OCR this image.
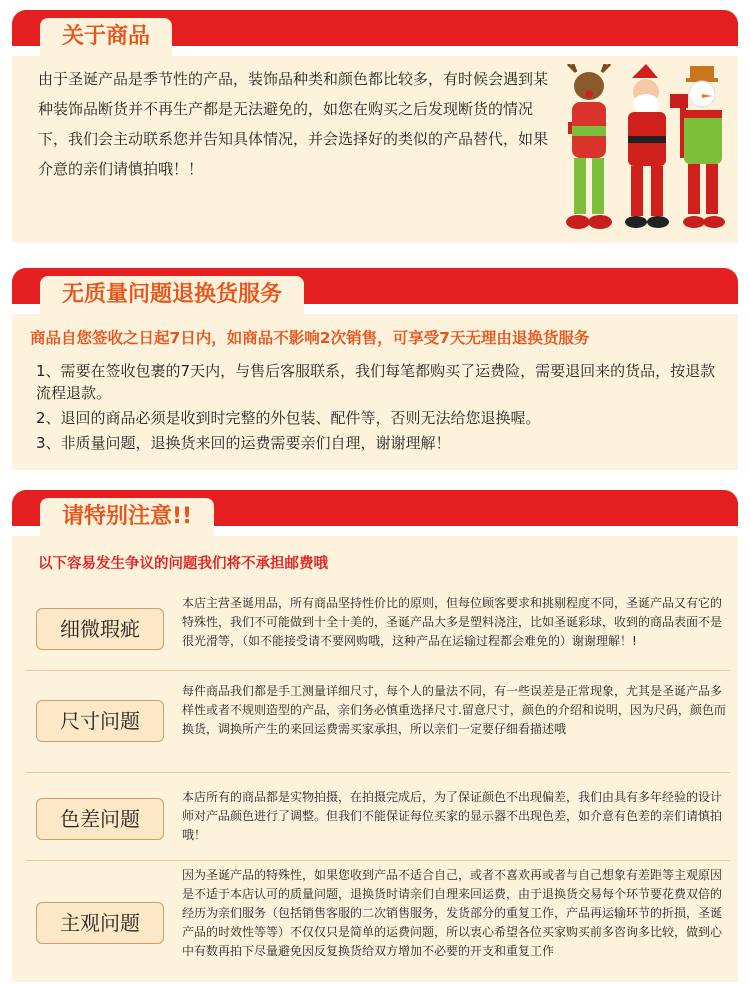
关于商品
由于圣诞产品是季节性的产品，装饰品种类和颜色都比较多，有时候会遇到某种装饰品断货并不再生产都是无法避免的，如您在购买之后发现断货的情况下，我们会主动联系您并告知具体情况，并会选择好的类似的产品替代，如果介意的亲们请慎拍哦！！
无质量问题退换货服务
商品自您签收之日起7日内，如商品不影响2次销售，可享受7天无理由退换货服务

1、需要在签收包裹的7天内，与售后客服联系，我们每笔都购买了运费险，需要退回来的货品，按退款流程退款。

2、退回的商品必须是收到时完整的外包装、配件等，否则无法给您退换喔。

3、非质量问题，退换货来回的运费需要亲们自理，谢谢理解！

请特别注意!!
以下容易发生争议的问题我们将不承担邮费哦
细微瑕疵
本店主营圣诞用品，所有商品坚持性价比的原则，但每位顾客要求和挑剔程度不同，圣诞产品又有它的特殊性，我们不可能做到十全十美的，圣诞产品大多是塑料浇注，比如圣诞彩球，收到的商品表面不是很光滑等，（如不能接受请不要网购哦，这种产品在运输过程都会难免的）谢谢理解！!
尺寸问题
每件商品我们都是手工测量详细尺寸，每个人的量法不同，有一些误差是正常现象，尤其是圣诞产品多样性或者不规则造型的产品，亲们务必慎重选择尺寸.留意尺寸，颜色的介绍和说明，因为尺码，颜色而换货，调换所产生的来回运费需买家承担，所以亲们一定要仔细看描述哦
色差问题
本店所有的商品都是实物拍摄，在拍摄完成后，为了保证颜色不出现偏差，我们由具有多年经验的设计师对产品颜色进行了调整。但我们不能保证每位买家的显示器不出现色差，如介意有色差的亲们请慎拍哦！
主观问题
因为圣诞产品的特殊性，如果您收到产品不适合自己，或者不喜欢再或者与自己想象有差距等主观原因是不适于本店认可的质量问题，退换货时请亲们自理来回运费，由于退换货交易每个环节要花费双倍的经历为亲们服务（包括销售客服的二次销售服务，发货部分的重复工作，产品再运输环节的折损，圣诞产品的时效性等等）不仅仅只是简单的运费问题，所以衷心希望各位买家购买前多咨询多比较，做到心中有数再拍下尽量避免因反复换货给双方增加不必要的开支和重复工作
